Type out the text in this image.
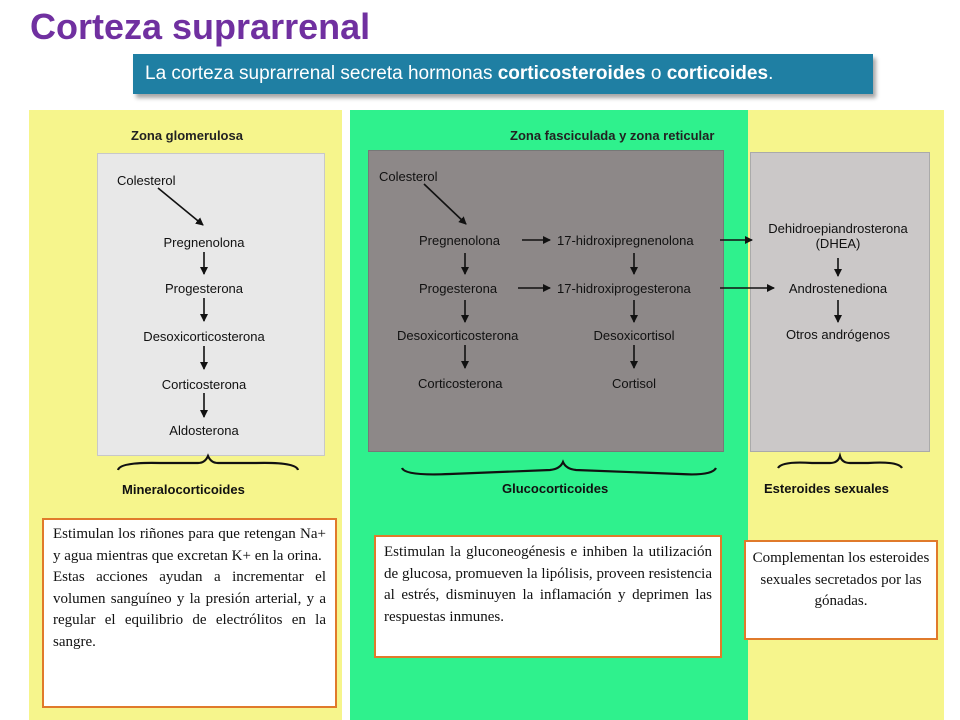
Corteza suprarrenal
La corteza suprarrenal secreta hormonas corticosteroides o corticoides.
Zona glomerulosa	Zona fasciculada y zona reticular
Colesterol
Pregnenolona
Progesterona
Desoxicorticosterona
Corticosterona
Aldosterona
Colesterol
Pregnenolona	17-hidroxipregnenolona
Progesterona	17-hidroxiprogesterona
Desoxicorticosterona	Desoxicortisol
Corticosterona	Cortisol
Dehidroepiandrosterona
(DHEA)
Androstenediona
Otros andrógenos
Mineralocorticoides	Glucocorticoides	Esteroides sexuales

Estimulan los riñones para que retengan Na+ y agua mientras que excretan K+ en la orina.

Estas acciones ayudan a incrementar el volumen sanguíneo y la presión arterial, y a regular el equilibrio de electrólitos en la sangre.

Estimulan la gluconeogénesis e inhiben la utilización de glucosa, promueven la lipólisis, proveen resistencia al estrés, disminuyen la inflamación y deprimen las respuestas inmunes.

Complementan los esteroides sexuales secretados por las gónadas.
